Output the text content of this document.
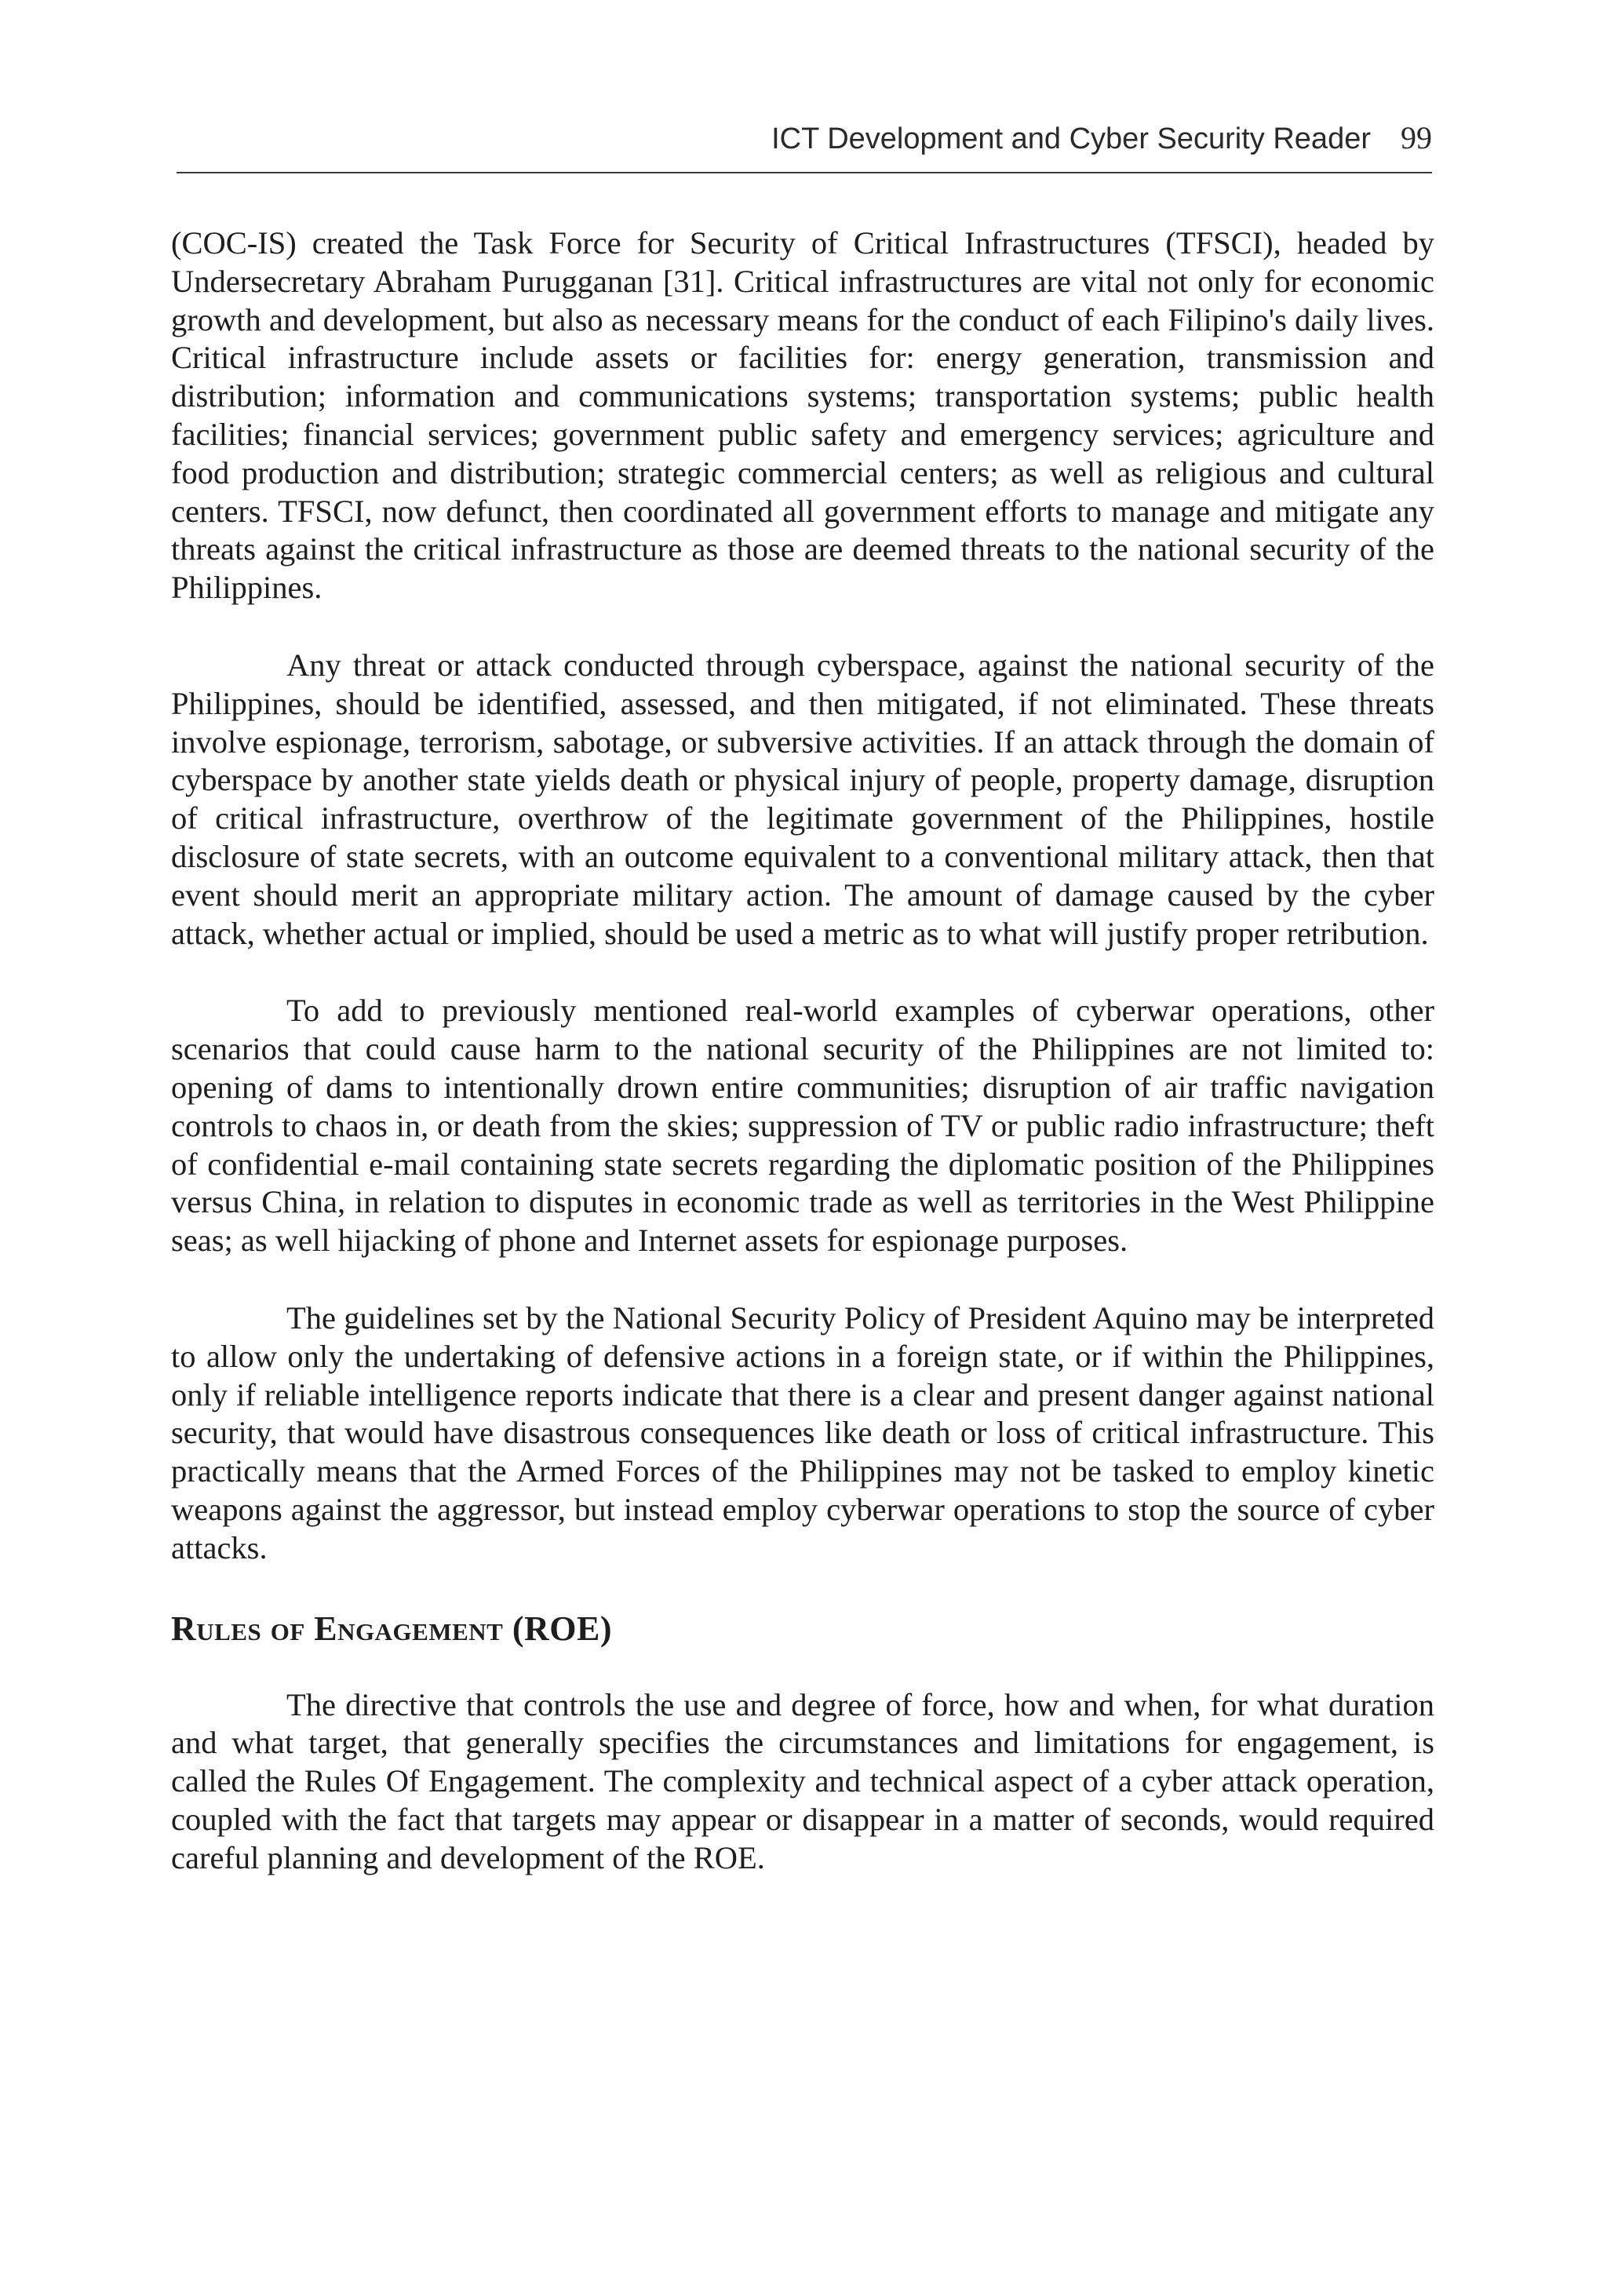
ICT Development and Cyber Security Reader 99

(COC-IS) created the Task Force for Security of Critical Infrastructures (TFSCI), headed by Undersecretary Abraham Purugganan [31]. Critical infrastructures are vital not only for economic growth and development, but also as necessary means for the conduct of each Filipino's daily lives. Critical infrastructure include assets or facilities for: energy generation, transmission and distribution; information and communications systems; transportation systems; public health facilities; financial services; government public safety and emergency services; agriculture and food production and distribution; strategic commercial centers; as well as religious and cultural centers. TFSCI, now defunct, then coordinated all government efforts to manage and mitigate any threats against the critical infrastructure as those are deemed threats to the national security of the Philippines.

Any threat or attack conducted through cyberspace, against the national security of the Philippines, should be identified, assessed, and then mitigated, if not eliminated. These threats involve espionage, terrorism, sabotage, or subversive activities. If an attack through the domain of cyberspace by another state yields death or physical injury of people, property damage, disruption of critical infrastructure, overthrow of the legitimate government of the Philippines, hostile disclosure of state secrets, with an outcome equivalent to a conventional military attack, then that event should merit an appropriate military action. The amount of damage caused by the cyber attack, whether actual or implied, should be used a metric as to what will justify proper retribution.

To add to previously mentioned real-world examples of cyberwar operations, other scenarios that could cause harm to the national security of the Philippines are not limited to: opening of dams to intentionally drown entire communities; disruption of air traffic navigation controls to chaos in, or death from the skies; suppression of TV or public radio infrastructure; theft of confidential e-mail containing state secrets regarding the diplomatic position of the Philippines versus China, in relation to disputes in economic trade as well as territories in the West Philippine seas; as well hijacking of phone and Internet assets for espionage purposes.

The guidelines set by the National Security Policy of President Aquino may be interpreted to allow only the undertaking of defensive actions in a foreign state, or if within the Philippines, only if reliable intelligence reports indicate that there is a clear and present danger against national security, that would have disastrous consequences like death or loss of critical infrastructure. This practically means that the Armed Forces of the Philippines may not be tasked to employ kinetic weapons against the aggressor, but instead employ cyberwar operations to stop the source of cyber attacks.

Rules of Engagement (ROE)

The directive that controls the use and degree of force, how and when, for what duration and what target, that generally specifies the circumstances and limitations for engagement, is called the Rules Of Engagement. The complexity and technical aspect of a cyber attack operation, coupled with the fact that targets may appear or disappear in a matter of seconds, would required careful planning and development of the ROE.
